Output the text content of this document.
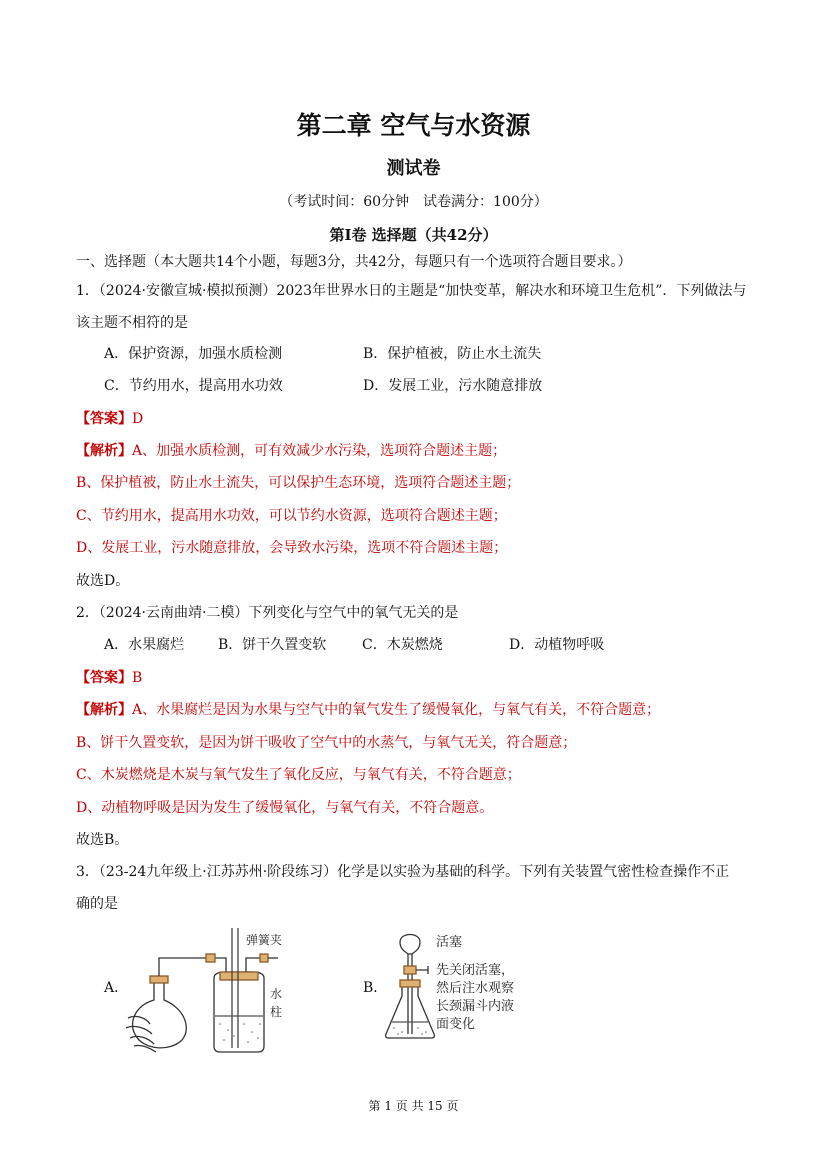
第二章 空气与水资源
测试卷
（考试时间：60分钟　试卷满分：100分）
第Ⅰ卷 选择题（共42分）
一、选择题（本大题共14个小题，每题3分，共42分，每题只有一个选项符合题目要求。）
1．（2024·安徽宣城·模拟预测）2023年世界水日的主题是“加快变革，解决水和环境卫生危机”．下列做法与
该主题不相符的是
A．保护资源，加强水质检测	B．保护植被，防止水土流失
C．节约用水，提高用水功效	D．发展工业，污水随意排放
【答案】D
【解析】A、加强水质检测，可有效减少水污染，选项符合题述主题；
B、保护植被，防止水土流失，可以保护生态环境，选项符合题述主题；
C、节约用水，提高用水功效，可以节约水资源，选项符合题述主题；
D、发展工业，污水随意排放，会导致水污染，选项不符合题述主题；
故选D。
2．（2024·云南曲靖·二模）下列变化与空气中的氧气无关的是
A．水果腐烂 B．饼干久置变软	C．木炭燃烧	D．动植物呼吸
【答案】B
【解析】A、水果腐烂是因为水果与空气中的氧气发生了缓慢氧化，与氧气有关，不符合题意；
B、饼干久置变软，是因为饼干吸收了空气中的水蒸气，与氧气无关，符合题意；
C、木炭燃烧是木炭与氧气发生了氧化反应，与氧气有关，不符合题意；
D、动植物呼吸是因为发生了缓慢氧化，与氧气有关，不符合题意。
故选B。
3．（23-24九年级上·江苏苏州·阶段练习）化学是以实验为基础的科学。下列有关装置气密性检查操作不正
确的是
A．	B．
弹簧夹
水
柱
活塞
先关闭活塞，
然后注水观察
长颈漏斗内液
面变化
第 1 页 共 15 页
